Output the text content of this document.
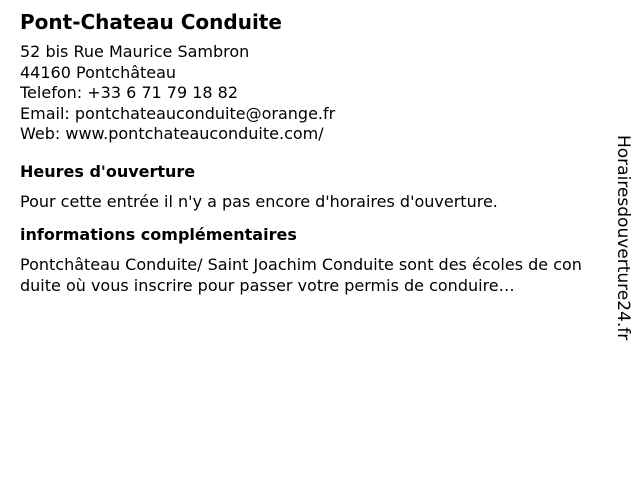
Pont-Chateau Conduite
52 bis Rue Maurice Sambron
44160 Pontchâteau
Telefon: +33 6 71 79 18 82
Email: pontchateauconduite@orange.fr
Web: www.pontchateauconduite.com/
Heures d'ouverture
Pour cette entrée il n'y a pas encore d'horaires d'ouverture.
informations complémentaires
Pontchâteau Conduite/ Saint Joachim Conduite sont des écoles de conduite où vous inscrire pour passer votre permis de conduire…	Horairesdouverture24.fr
